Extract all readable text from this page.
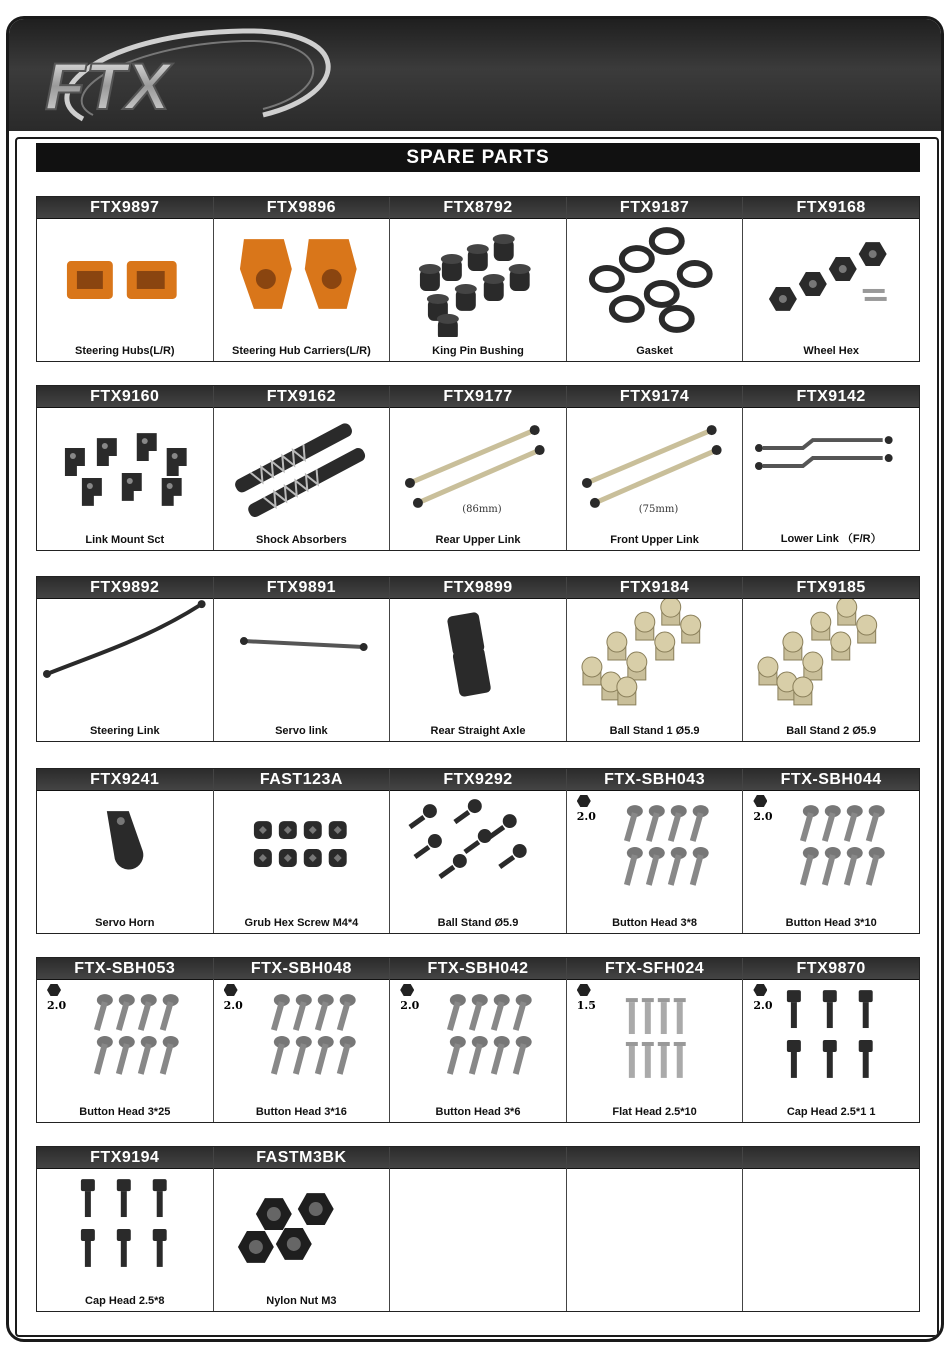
FTX
SPARE PARTS
FTX9897
Steering Hubs(L/R)
FTX9896
Steering Hub Carriers(L/R)
FTX8792
King Pin Bushing
FTX9187
Gasket
FTX9168
Wheel Hex
FTX9160
Link Mount Sct
FTX9162
Shock Absorbers
FTX9177
(86mm)
Rear Upper Link
FTX9174
(75mm)
Front Upper Link
FTX9142
Lower Link （F/R）
FTX9892
Steering Link
FTX9891
Servo link
FTX9899
Rear Straight Axle
FTX9184
Ball Stand 1 Ø5.9
FTX9185
Ball Stand 2 Ø5.9
FTX9241
Servo Horn
FAST123A
Grub Hex Screw M4*4
FTX9292
Ball Stand Ø5.9
FTX-SBH043
2.0
Button Head 3*8
FTX-SBH044
2.0
Button Head 3*10
FTX-SBH053
2.0
Button Head 3*25
FTX-SBH048
2.0
Button Head 3*16
FTX-SBH042
2.0
Button Head 3*6
FTX-SFH024
1.5
Flat Head 2.5*10
FTX9870
2.0
Cap Head 2.5*1 1
FTX9194
Cap Head 2.5*8
FASTM3BK
Nylon Nut M3
